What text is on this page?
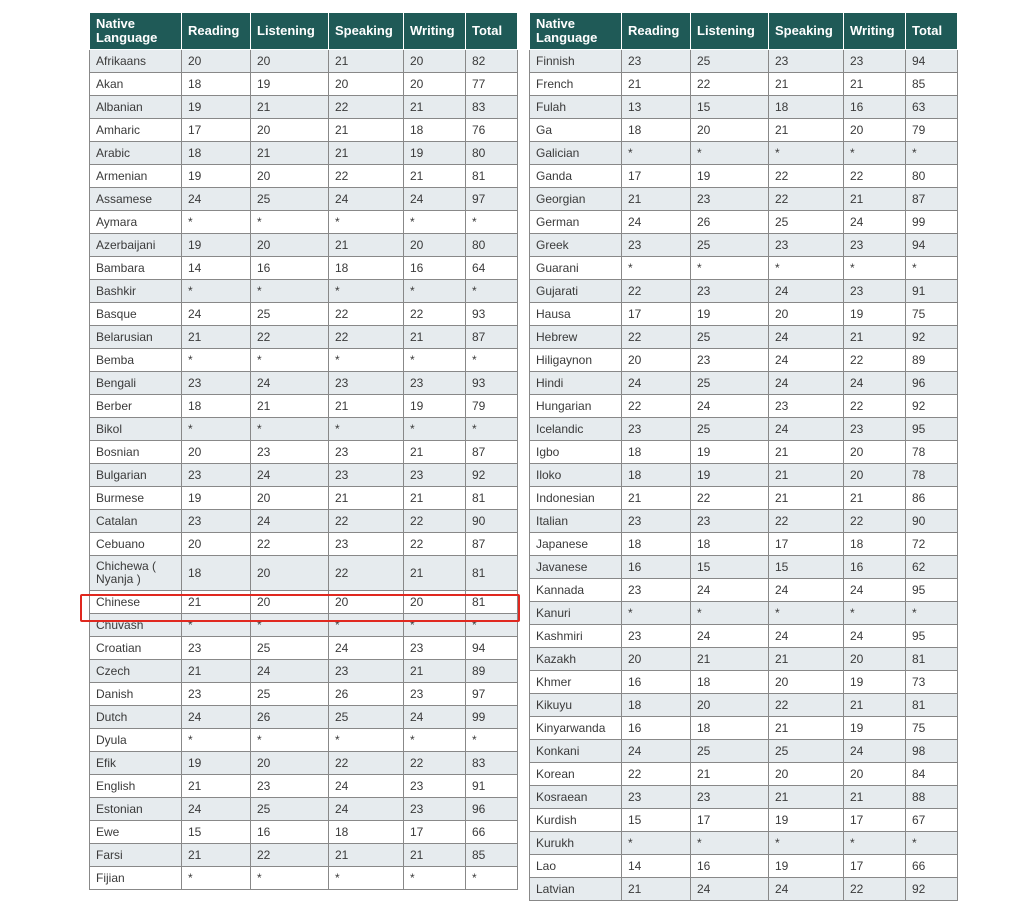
Native Language	Reading	Listening	Speaking	Writing	Total
Afrikaans	20	20	21	20	82
Akan	18	19	20	20	77
Albanian	19	21	22	21	83
Amharic	17	20	21	18	76
Arabic	18	21	21	19	80
Armenian	19	20	22	21	81
Assamese	24	25	24	24	97
Aymara	*	*	*	*	*
Azerbaijani	19	20	21	20	80
Bambara	14	16	18	16	64
Bashkir	*	*	*	*	*
Basque	24	25	22	22	93
Belarusian	21	22	22	21	87
Bemba	*	*	*	*	*
Bengali	23	24	23	23	93
Berber	18	21	21	19	79
Bikol	*	*	*	*	*
Bosnian	20	23	23	21	87
Bulgarian	23	24	23	23	92
Burmese	19	20	21	21	81
Catalan	23	24	22	22	90
Cebuano	20	22	23	22	87
Chichewa ( Nyanja )	18	20	22	21	81
Chinese	21	20	20	20	81
Chuvash	*	*	*	*	*
Croatian	23	25	24	23	94
Czech	21	24	23	21	89
Danish	23	25	26	23	97
Dutch	24	26	25	24	99
Dyula	*	*	*	*	*
Efik	19	20	22	22	83
English	21	23	24	23	91
Estonian	24	25	24	23	96
Ewe	15	16	18	17	66
Farsi	21	22	21	21	85
Fijian	*	*	*	*	*
Native Language	Reading	Listening	Speaking	Writing	Total
Finnish	23	25	23	23	94
French	21	22	21	21	85
Fulah	13	15	18	16	63
Ga	18	20	21	20	79
Galician	*	*	*	*	*
Ganda	17	19	22	22	80
Georgian	21	23	22	21	87
German	24	26	25	24	99
Greek	23	25	23	23	94
Guarani	*	*	*	*	*
Gujarati	22	23	24	23	91
Hausa	17	19	20	19	75
Hebrew	22	25	24	21	92
Hiligaynon	20	23	24	22	89
Hindi	24	25	24	24	96
Hungarian	22	24	23	22	92
Icelandic	23	25	24	23	95
Igbo	18	19	21	20	78
Iloko	18	19	21	20	78
Indonesian	21	22	21	21	86
Italian	23	23	22	22	90
Japanese	18	18	17	18	72
Javanese	16	15	15	16	62
Kannada	23	24	24	24	95
Kanuri	*	*	*	*	*
Kashmiri	23	24	24	24	95
Kazakh	20	21	21	20	81
Khmer	16	18	20	19	73
Kikuyu	18	20	22	21	81
Kinyarwanda	16	18	21	19	75
Konkani	24	25	25	24	98
Korean	22	21	20	20	84
Kosraean	23	23	21	21	88
Kurdish	15	17	19	17	67
Kurukh	*	*	*	*	*
Lao	14	16	19	17	66
Latvian	21	24	24	22	92
